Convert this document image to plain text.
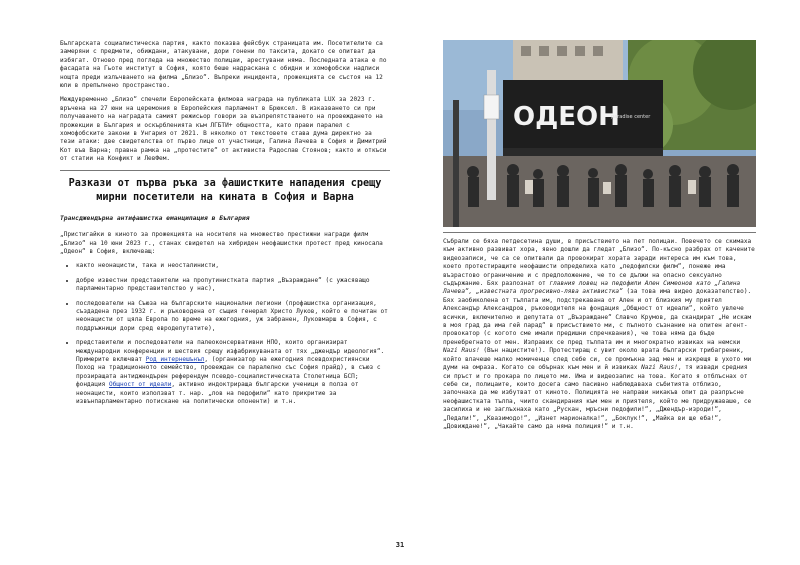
Българската социалистическа партия, както показва фейсбук страницата им. Посетителите са замеряни с предмети, обиждани, атакувани, дори гонени по таксита, докато се опитват да избягат. Отново пред погледа на множество полицаи, арестувани няма. Последната атака е по фасадата на Гьоте институт в София, която беше надраскана с обидни и хомофобски надписи нощта преди излъчването на филма „Близо“. Въпреки инцидента, прожекцията се състоя на 12 юли в препълнено пространство.

Междувременно „Близо“ спечели Европейската филмова награда на публиката LUX за 2023 г. връчена на 27 юни на церемония в Европейския парламент в Брюксел. В изказването си при получаването на наградата самият режисьор говори за възпрепятстването на провеждането на прожекции в България и оскърбленията към ЛГБТИ+ общността, като прави паралел с хомофобските закони в Унгария от 2021. В няколко от текстовете става дума директно за тези атаки: две свидетелства от първо лице от участници, Галина Лачева в София и Димитрий Кот във Варна; правна рамка на „протестите“ от активиста Радослав Стоянов; както и откъси от статии на Конфикт и ЛевФем.

Разкази от първа ръка за фашистките нападения срещу мирни посетители на кината в София и Варна
Трансджендърна антифашистка еманципация в България

„Пристигайки в киното за прожекцията на носителя на множество престижни награди филм „Близо“ на 10 юни 2023 г., станах свидетел на хибриден неофашистки протест пред киносала „Одеон“ в София, включващ:

• както неонацисти, така и неосталинисти,
• добре известни представители на пропутинистката партия „Възраждане“ (с ужасяващо парламентарно представителство у нас),
• последователи на Съюза на българските национални легиони (профашистка организация, създадена през 1932 г. и ръководена от същия генерал Христо Луков, който е почитан от неонацисти от цяла Европа по време на ежегодния, уж забранен, Луковмарш в София, с поддръжници дори сред евродепутатите),
• представители и последователи на палеоконсервативни НПО, които организират международни конференции и шествия срещу изфабрикуваната от тях „джендър идеология“. Примерите включват Род интернешънъл, (организатор на ежегодния псевдохристиянски Поход на традиционното семейство, провеждан се паралелно със София прайд), в съюз с прозиращата антиджендърен референдум псевдо-социалистическата Столетница БСП; фондация Общност от идеали, активно индоктрираща български ученици в полза от неонацисти, които използват т. нар. „лов на педофили“ като прикритие за извънпарламентарно потискане на политически опоненти) и т.н.
ОДЕОН
paradise center

Събрали се бяха петдесетина души, в присъствието на пет полицаи. Повечето се скимаха към активно развиват хора, явно дошли да гледат „Близо“. По-късно разбрах от качените видеозаписи, че са се опитвали да провокират хората заради интереса им към това, което протестиращите неофашисти определиха като „педофилски филм“, понеже има възрастово ограничение и с предположение, че то се дължи на опасно сексуално съдържание. Бях разпознат от главния ловец на педофили Ален Симеонов като „Галина Лачева“, „известната прогресивно-лява активистка“ (за това има видео доказателство). Бях заобиколена от тълпата им, подстрекавана от Ален и от близкия му приятел Александър Александров, ръководителя на фондация „Общност от идеали“, който увлече всички, включително и депутата от „Възраждане“ Славчо Крумов, да скандират „Не искам в моя град да има гей парад“ в присъствието ми, с пълното съзнание на опитен агент-провокатор (с когото сме имали предишни спречквания), че това няма да бъде пренебрегнато от мен. Изправих се пред тълпата им и многократно извиках на немски Nazi Raus! (Вън нацистите!). Протестиращ с увит около врата български трибагреник, който влачеше малко момиченце след себе си, се промъкна зад мен и изкрещя в ухото ми думи на омраза. Когато се обърнах към мен и й извиках Nazi Raus!, тя извади средния си пръст и го прокара по лицето ми. Има и видеозапис на това. Когато я отблъснах от себе си, полицаите, които досега само пасивно наблюдаваха събитията отблизо, започнаха да ме избутват от киното. Полицията не направи никакъв опит да разпръсне неофашистката тълпа, чиито скандирания към мен и приятеля, който ме придружаваше, се засилиха и не заглъхнаха като „Рускан, мръсни педофили!“, „Джендър-изроди!“, „Педали!“, „Квазимодо!“, „Изнет марионалка!“, „Боклук!“, „Майка ви ще еба!“, „Довиждане!“, „Чакайте само да няма полиция!“ и т.н.

31
